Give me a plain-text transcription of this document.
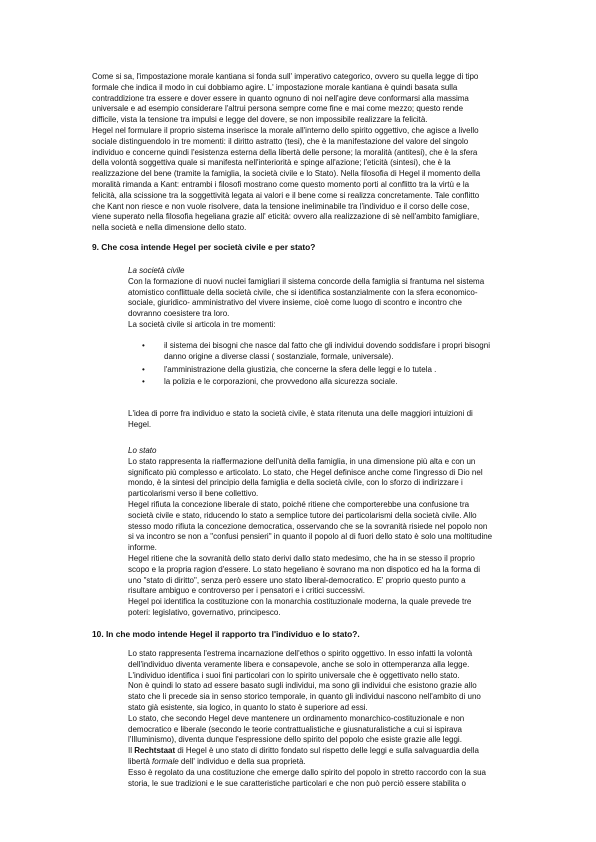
Come si sa, l'impostazione morale kantiana si fonda sull' imperativo categorico, ovvero su quella legge di tipo
formale che indica il modo in cui dobbiamo agire. L' impostazione morale kantiana è quindi basata sulla
contraddizione tra essere e dover essere in quanto ognuno di noi nell'agire deve conformarsi alla massima
universale e ad esempio considerare l'altrui persona sempre come fine e mai come mezzo; questo rende
difficile, vista la tensione tra impulsi e legge del dovere, se non impossibile realizzare la felicità.
Hegel nel formulare il proprio sistema inserisce la morale all'interno dello spirito oggettivo, che agisce a livello
sociale distinguendolo in tre momenti: il diritto astratto (tesi), che è la manifestazione del valore del singolo
individuo e concerne quindi l'esistenza esterna della libertà delle persone; la moralità (antitesi), che è la sfera
della volontà soggettiva quale si manifesta nell'interiorità e spinge all'azione; l'eticità (sintesi), che è la
realizzazione del bene (tramite la famiglia, la società civile e lo Stato). Nella filosofia di Hegel il momento della
moralità rimanda a Kant: entrambi i filosofi mostrano come questo momento porti al conflitto tra la virtù e la
felicità, alla scissione tra la soggettività legata ai valori e il bene come si realizza concretamente. Tale conflitto
che Kant non riesce e non vuole risolvere, data la tensione ineliminabile tra l'individuo e il corso delle cose,
viene superato nella filosofia hegeliana grazie all' eticità: ovvero alla realizzazione di sè nell'ambito famigliare,
nella società e nella dimensione dello stato.

9. Che cosa intende Hegel per società civile e per stato?

La società civile

Con la formazione di nuovi nuclei famigliari il sistema concorde della famiglia si frantuma nel sistema
atomistico conflittuale della società civile, che si identifica sostanzialmente con la sfera economico-
sociale, giuridico- amministrativo del vivere insieme, cioè come luogo di scontro e incontro che
dovranno coesistere tra loro.
La società civile si articola in tre momenti:

• il sistema dei bisogni che nasce dal fatto che gli individui dovendo soddisfare i propri bisogni
danno origine a diverse classi ( sostanziale, formale, universale).
• l'amministrazione della giustizia, che concerne la sfera delle leggi e lo tutela .
• la polizia e le corporazioni, che provvedono alla sicurezza sociale.

L'idea di porre fra individuo e stato la società civile, è stata ritenuta una delle maggiori intuizioni di
Hegel.

Lo stato

Lo stato rappresenta la riaffermazione dell'unità della famiglia, in una dimensione più alta e con un
significato più complesso e articolato. Lo stato, che Hegel definisce anche come l'ingresso di Dio nel
mondo, è la sintesi del principio della famiglia e della società civile, con lo sforzo di indirizzare i
particolarismi verso il bene collettivo.
Hegel rifiuta la concezione liberale di stato, poiché ritiene che comporterebbe una confusione tra
società civile e stato, riducendo lo stato a semplice tutore dei particolarismi della società civile. Allo
stesso modo rifiuta la concezione democratica, osservando che se la sovranità risiede nel popolo non
si va incontro se non a "confusi pensieri" in quanto il popolo al di fuori dello stato è solo una moltitudine
informe.
Hegel ritiene che la sovranità dello stato derivi dallo stato medesimo, che ha in se stesso il proprio
scopo e la propria ragion d'essere. Lo stato hegeliano è sovrano ma non dispotico ed ha la forma di
uno "stato di diritto", senza però essere uno stato liberal-democratico. E' proprio questo punto a
risultare ambiguo e controverso per i pensatori e i critici successivi.
Hegel poi identifica la costituzione con la monarchia costituzionale moderna, la quale prevede tre
poteri: legislativo, governativo, principesco.

10. In che modo intende Hegel il rapporto tra l'individuo e lo stato?.

Lo stato rappresenta l'estrema incarnazione dell'ethos o spirito oggettivo. In esso infatti la volontà
dell'individuo diventa veramente libera e consapevole, anche se solo in ottemperanza alla legge.
L'individuo identifica i suoi fini particolari con lo spirito universale che è oggettivato nello stato.
Non è quindi lo stato ad essere basato sugli individui, ma sono gli individui che esistono grazie allo
stato che li precede sia in senso storico temporale, in quanto gli individui nascono nell'ambito di uno
stato già esistente, sia logico, in quanto lo stato è superiore ad essi.
Lo stato, che secondo Hegel deve mantenere un ordinamento monarchico-costituzionale e non
democratico e liberale (secondo le teorie contrattualistiche e giusnaturalistiche a cui si ispirava
l'Illuminismo), diventa dunque l'espressione dello spirito del popolo che esiste grazie alle leggi.

Il Rechtstaat di Hegel è uno stato di diritto fondato sul rispetto delle leggi e sulla salvaguardia della
libertà formale dell' individuo e della sua proprietà.

Esso è regolato da una costituzione che emerge dallo spirito del popolo in stretto raccordo con la sua
storia, le sue tradizioni e le sue caratteristiche particolari e che non può perciò essere stabilita o
